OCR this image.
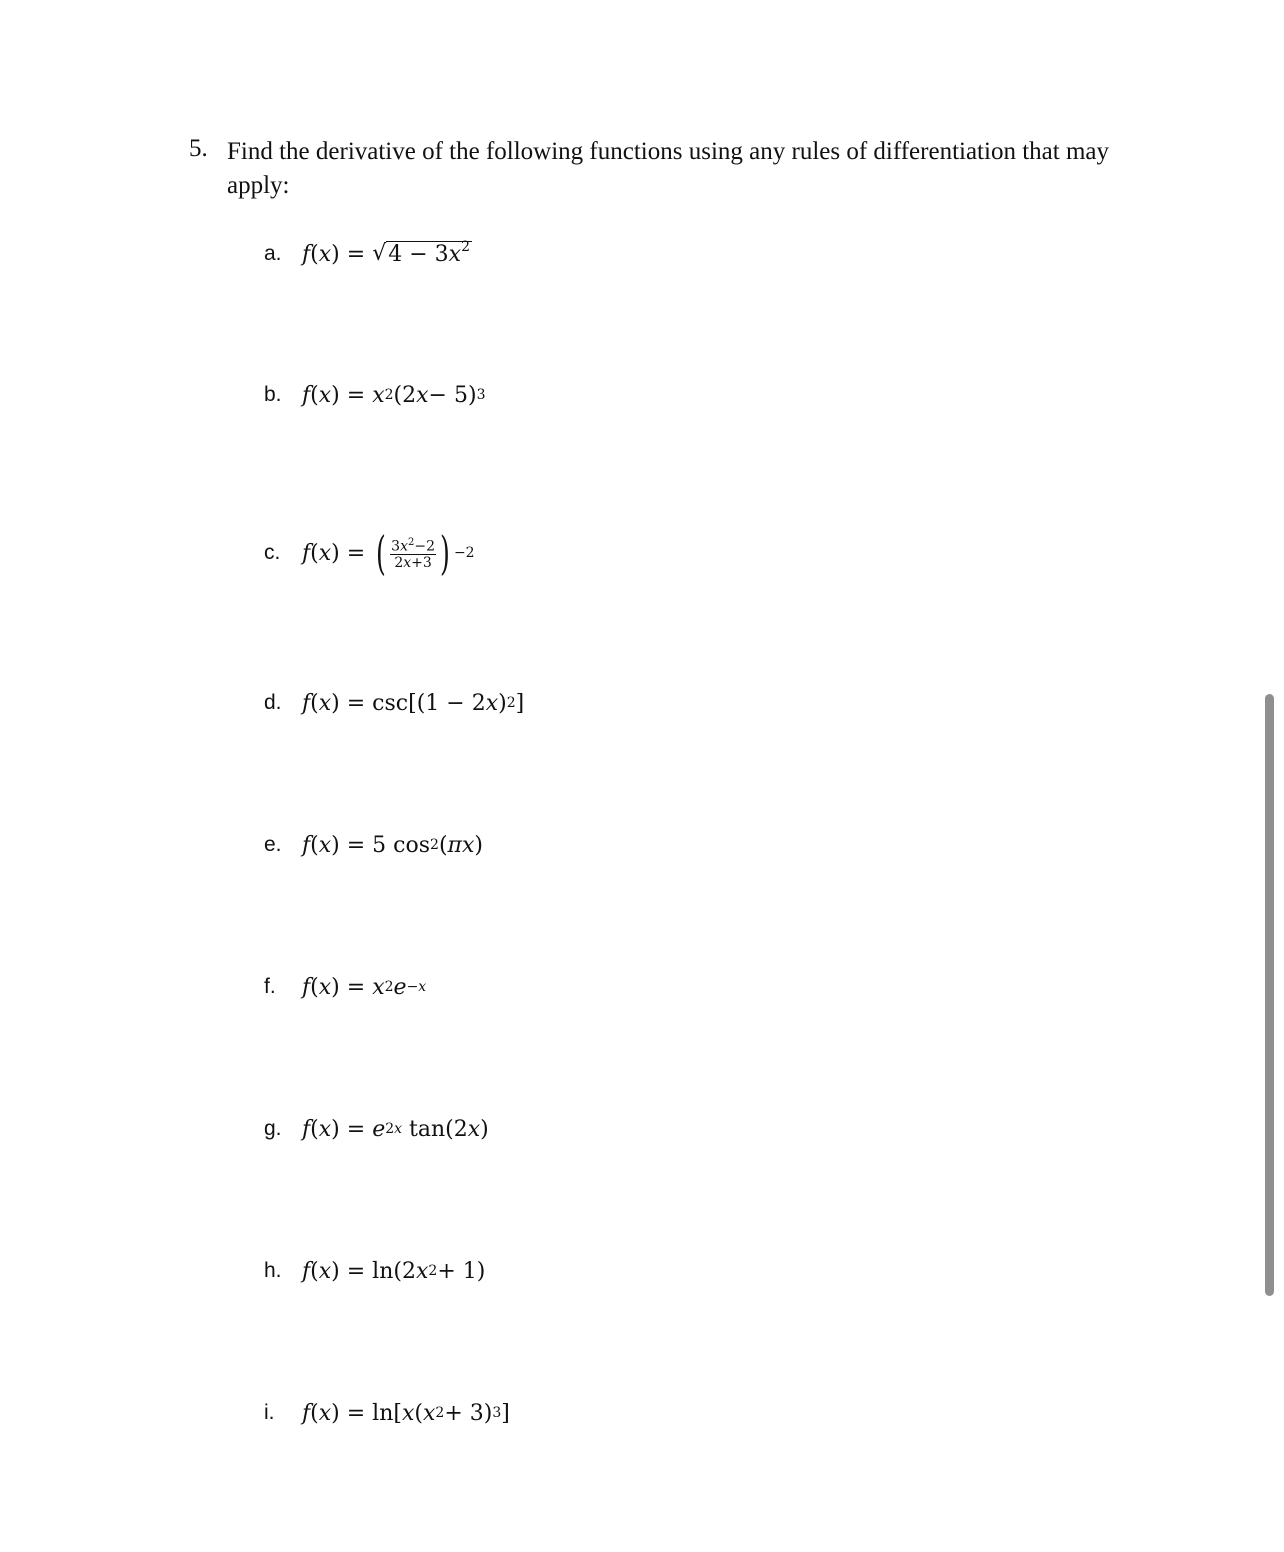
5. Find the derivative of the following functions using any rules of differentiation that may apply:
a. f ( x ) = √ $4 - 3x^2$
b. f ( x ) = x 2 (2 x − 5) 3
c. f ( x ) = ( $\frac{3x^2-2}{2x+3}$ ) −2
d. f ( x ) = csc[(1 − 2 x ) 2 ]
e. f ( x ) = 5 cos 2 ( πx )
f.	f ( x ) = x 2 e −x
g. f ( x ) = e 2x tan(2 x )
h. f ( x ) = ln(2 x 2 + 1)
i.	f ( x ) = ln[ x ( x 2 + 3) 3 ]
